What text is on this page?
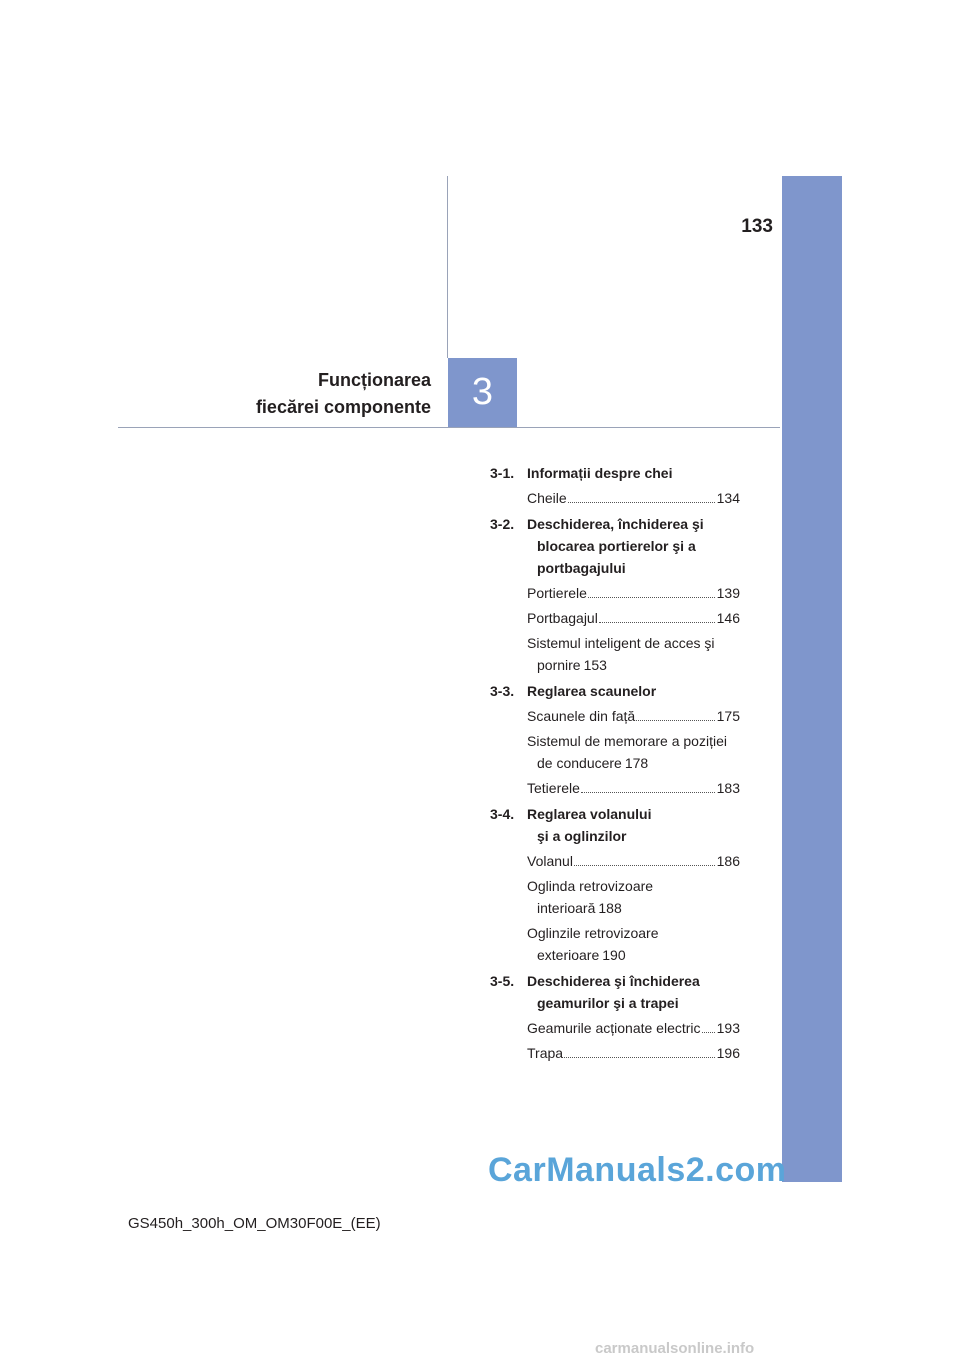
3
133
Funcționarea
fiecărei componente
3-1. Informații despre chei

Cheile	134
3-2. Deschiderea, închiderea şi

blocarea portierelor şi a
portbagajului
Portierele	139
Portbagajul	146
Sistemul inteligent de acces şi
pornire 153
3-3. Reglarea scaunelor

Scaunele din față	175
Sistemul de memorare a poziției
de conducere 178
Tetierele	183
3-4. Reglarea volanului

şi a oglinzilor
Volanul	186
Oglinda retrovizoare
interioară 188
Oglinzile retrovizoare
exterioare 190
3-5. Deschiderea şi închiderea

geamurilor şi a trapei
Geamurile acționate electric 193
Trapa	196
CarManuals2.com
GS450h_300h_OM_OM30F00E_(EE)
carmanualsonline.info
